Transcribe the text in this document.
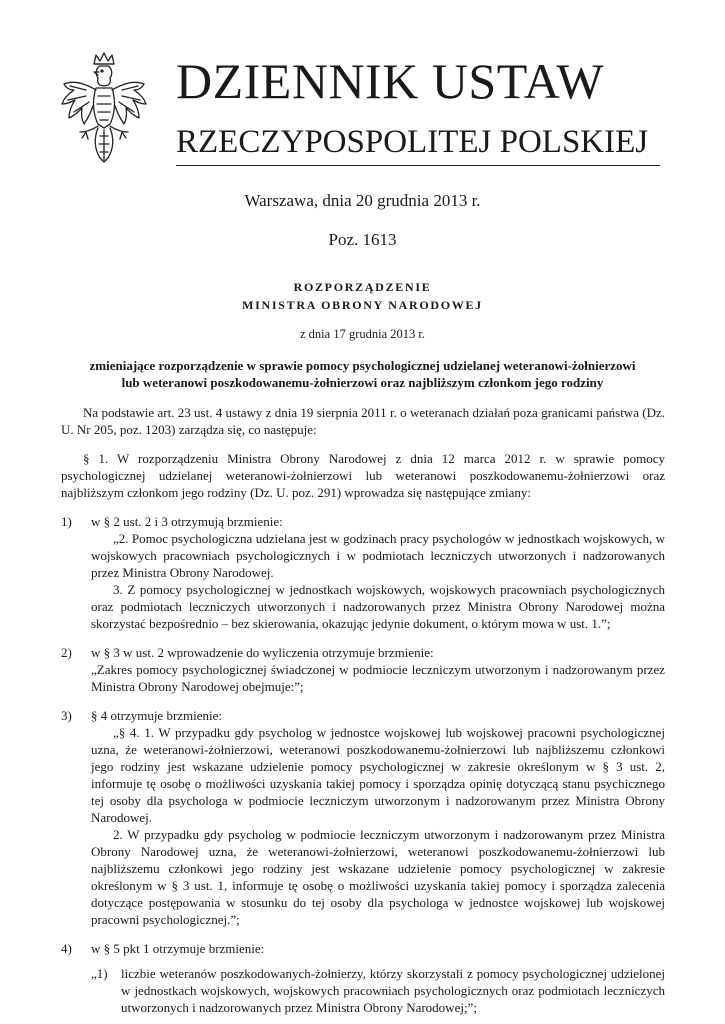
DZIENNIK USTAW
RZECZYPOSPOLITEJ POLSKIEJ
Warszawa, dnia 20 grudnia 2013 r.
Poz. 1613
ROZPORZĄDZENIE
MINISTRA OBRONY NARODOWEJ
z dnia 17 grudnia 2013 r.
zmieniające rozporządzenie w sprawie pomocy psychologicznej udzielanej weteranowi-żołnierzowi
lub weteranowi poszkodowanemu-żołnierzowi oraz najbliższym członkom jego rodziny

Na podstawie art. 23 ust. 4 ustawy z dnia 19 sierpnia 2011 r. o weteranach działań poza granicami państwa (Dz. U. Nr 205, poz. 1203) zarządza się, co następuje:

§ 1. W rozporządzeniu Ministra Obrony Narodowej z dnia 12 marca 2012 r. w sprawie pomocy psychologicznej udzielanej weteranowi-żołnierzowi lub weteranowi poszkodowanemu-żołnierzowi oraz najbliższym członkom jego rodziny (Dz. U. poz. 291) wprowadza się następujące zmiany:

1)	w § 2 ust. 2 i 3 otrzymują brzmienie:

„2. Pomoc psychologiczna udzielana jest w godzinach pracy psychologów w jednostkach wojskowych, w wojskowych pracowniach psychologicznych i w podmiotach leczniczych utworzonych i nadzorowanych przez Ministra Obrony Narodowej.

3. Z pomocy psychologicznej w jednostkach wojskowych, wojskowych pracowniach psychologicznych oraz podmiotach leczniczych utworzonych i nadzorowanych przez Ministra Obrony Narodowej można skorzystać bezpośrednio – bez skierowania, okazując jedynie dokument, o którym mowa w ust. 1.”;

2)	w § 3 w ust. 2 wprowadzenie do wyliczenia otrzymuje brzmienie:

„Zakres pomocy psychologicznej świadczonej w podmiocie leczniczym utworzonym i nadzorowanym przez Ministra Obrony Narodowej obejmuje:”;

3)	§ 4 otrzymuje brzmienie:

„§ 4. 1. W przypadku gdy psycholog w jednostce wojskowej lub wojskowej pracowni psychologicznej uzna, że weteranowi-żołnierzowi, weteranowi poszkodowanemu-żołnierzowi lub najbliższemu członkowi jego rodziny jest wskazane udzielenie pomocy psychologicznej w zakresie określonym w § 3 ust. 2, informuje tę osobę o możliwości uzyskania takiej pomocy i sporządza opinię dotyczącą stanu psychicznego tej osoby dla psychologa w podmiocie leczniczym utworzonym i nadzorowanym przez Ministra Obrony Narodowej.

2. W przypadku gdy psycholog w podmiocie leczniczym utworzonym i nadzorowanym przez Ministra Obrony Narodowej uzna, że weteranowi-żołnierzowi, weteranowi poszkodowanemu-żołnierzowi lub najbliższemu członkowi jego rodziny jest wskazane udzielenie pomocy psychologicznej w zakresie określonym w § 3 ust. 1, informuje tę osobę o możliwości uzyskania takiej pomocy i sporządza zalecenia dotyczące postępowania w stosunku do tej osoby dla psychologa w jednostce wojskowej lub wojskowej pracowni psychologicznej.”;

4)	w § 5 pkt 1 otrzymuje brzmienie:
„1)	liczbie weteranów poszkodowanych-żołnierzy, którzy skorzystali z pomocy psychologicznej udzielonej w jednostkach wojskowych, wojskowych pracowniach psychologicznych oraz podmiotach leczniczych utworzonych i nadzorowanych przez Ministra Obrony Narodowej;”;
